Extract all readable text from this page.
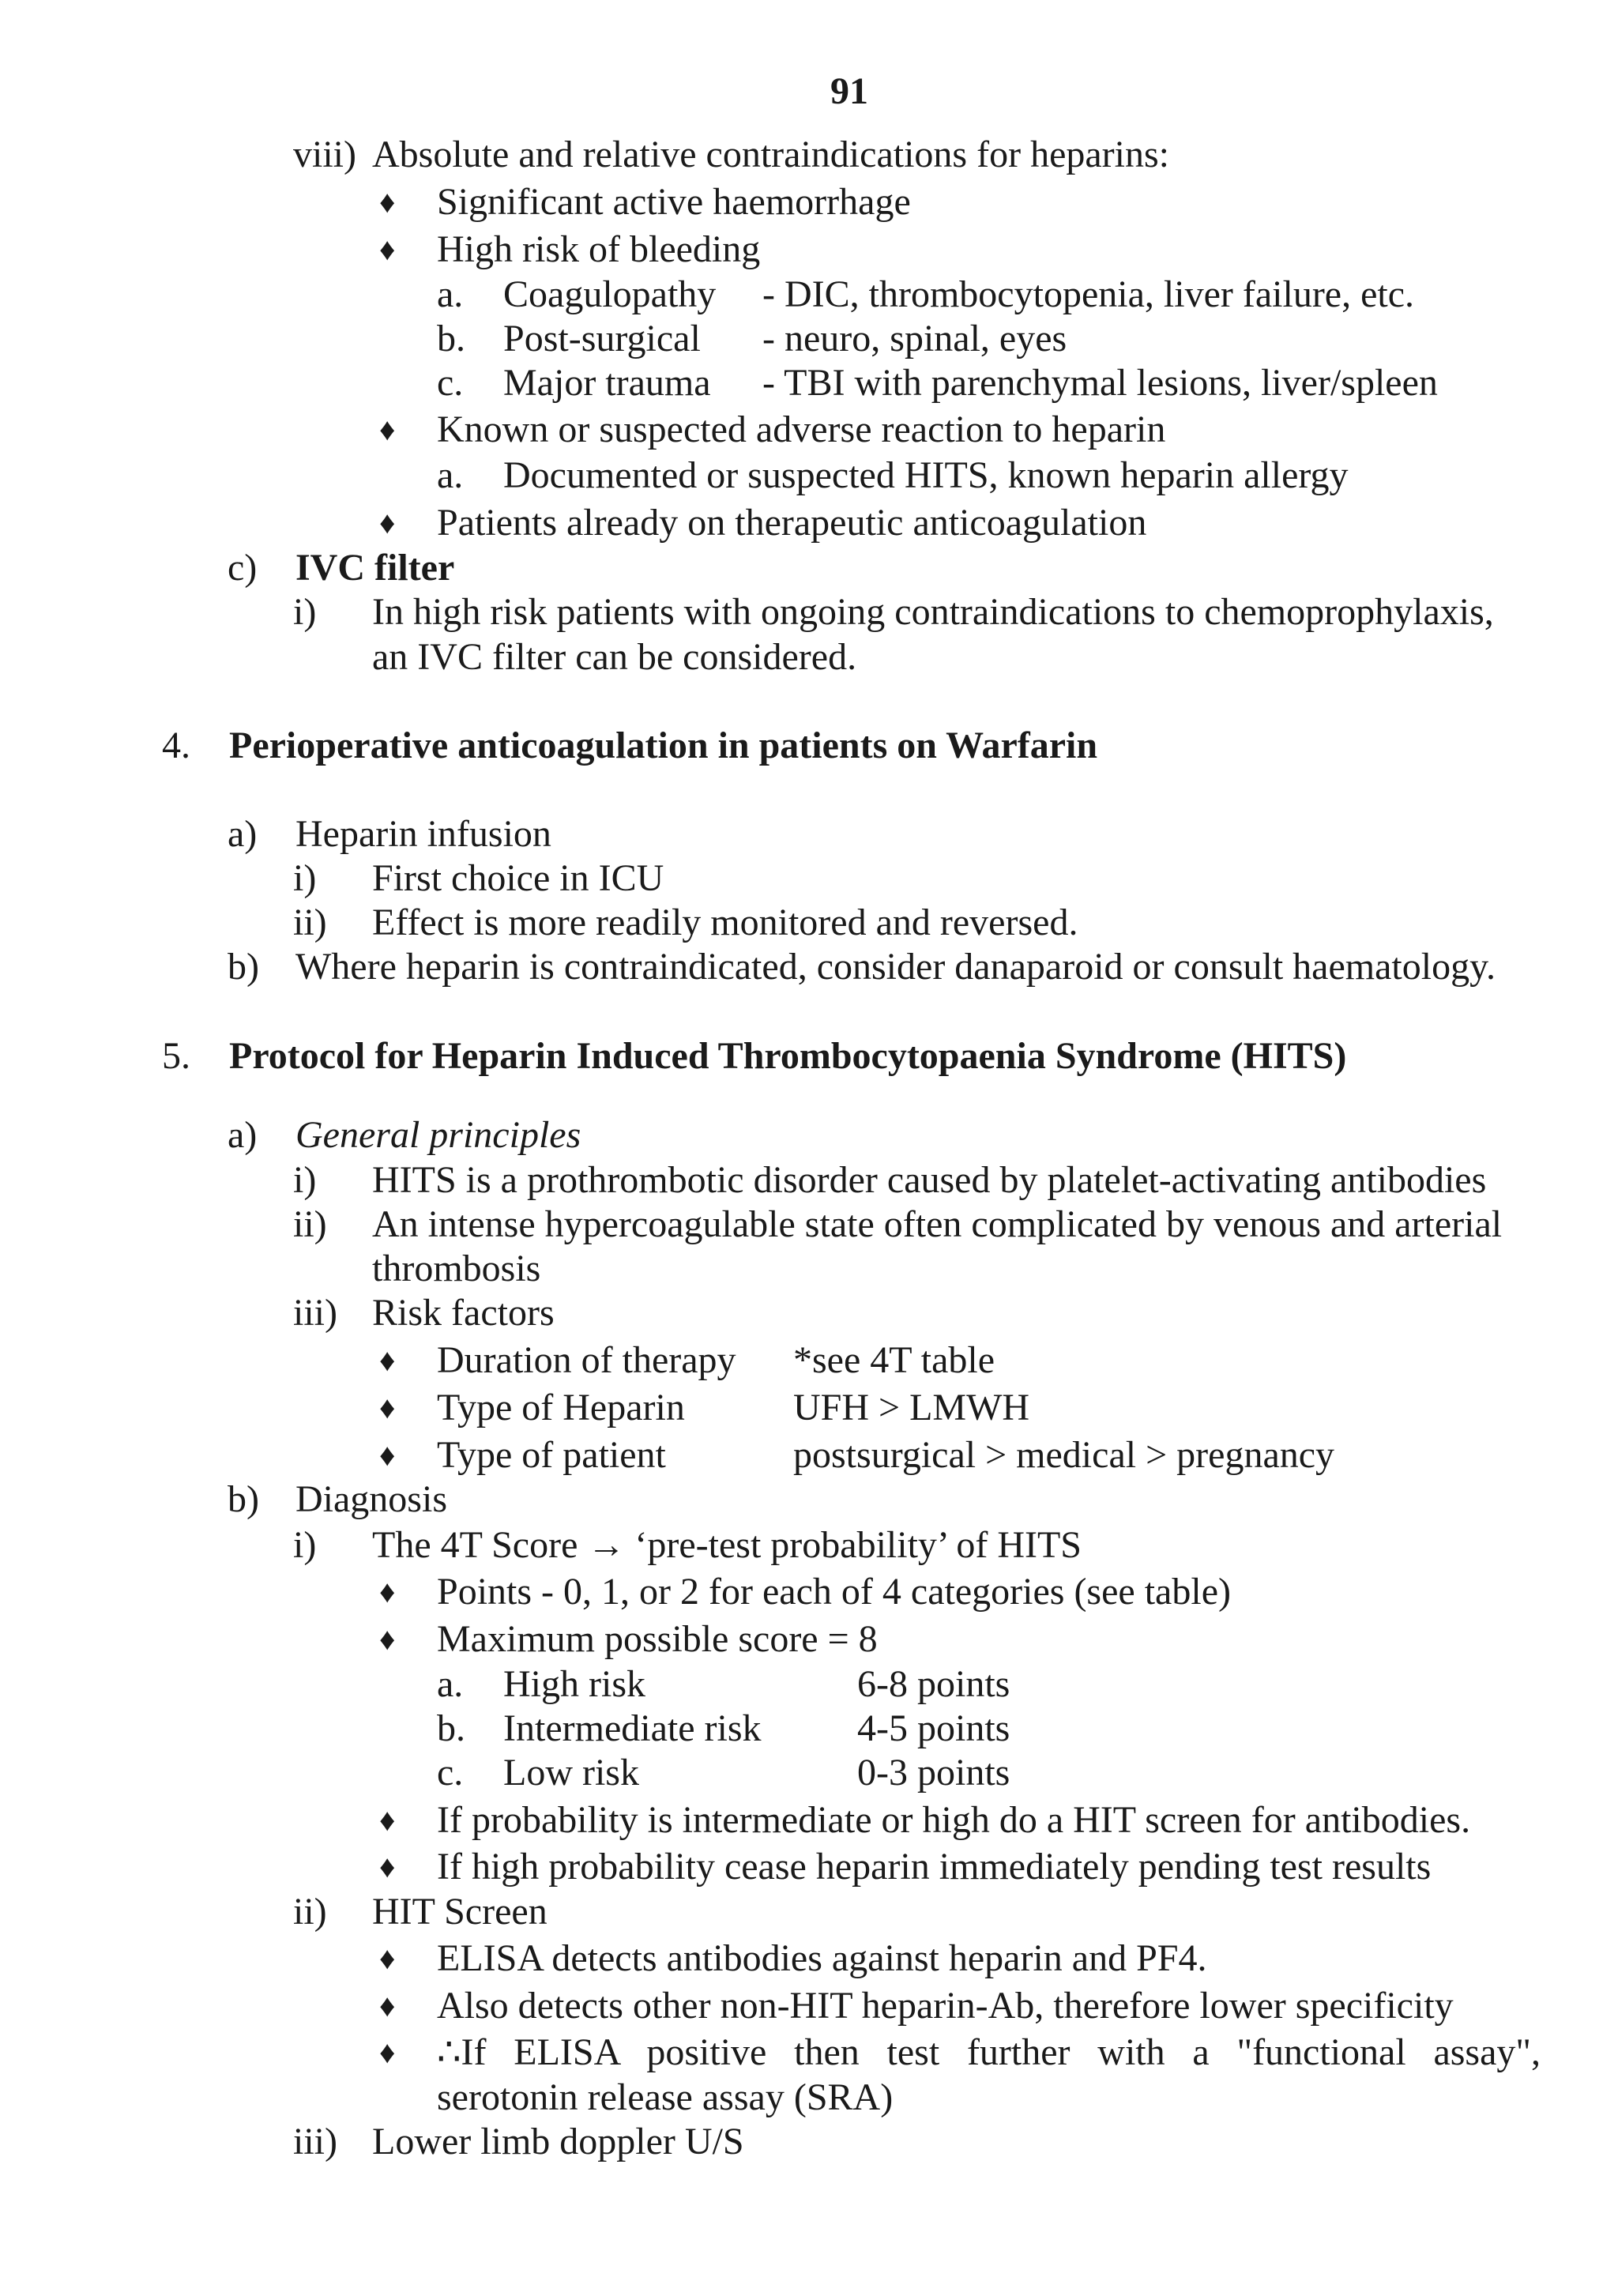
91
viii) Absolute and relative contraindications for heparins:
♦ Significant active haemorrhage
♦ High risk of bleeding
a. Coagulopathy - DIC, thrombocytopenia, liver failure, etc.
b. Post-surgical - neuro, spinal, eyes
c. Major trauma - TBI with parenchymal lesions, liver/spleen
♦ Known or suspected adverse reaction to heparin
a. Documented or suspected HITS, known heparin allergy
♦ Patients already on therapeutic anticoagulation
c) IVC filter
i) In high risk patients with ongoing contraindications to chemoprophylaxis,
an IVC filter can be considered.
4. Perioperative anticoagulation in patients on Warfarin
a) Heparin infusion
i) First choice in ICU
ii) Effect is more readily monitored and reversed.
b) Where heparin is contraindicated, consider danaparoid or consult haematology.
5. Protocol for Heparin Induced Thrombocytopaenia Syndrome (HITS)
a) General principles
i) HITS is a prothrombotic disorder caused by platelet-activating antibodies
ii) An intense hypercoagulable state often complicated by venous and arterial
thrombosis
iii) Risk factors
♦ Duration of therapy *see 4T table
♦ Type of Heparin	UFH > LMWH
♦ Type of patient	postsurgical > medical > pregnancy
b) Diagnosis
i) The 4T Score → ‘pre-test probability’ of HITS
♦ Points - 0, 1, or 2 for each of 4 categories (see table)
♦ Maximum possible score = 8
a. High risk	6-8 points
b. Intermediate risk	4-5 points
c. Low risk	0-3 points
♦ If probability is intermediate or high do a HIT screen for antibodies.
♦ If high probability cease heparin immediately pending test results
ii) HIT Screen
♦ ELISA detects antibodies against heparin and PF4.
♦ Also detects other non-HIT heparin-Ab, therefore lower specificity
♦ ∴If ELISA positive then test further with a "functional assay",
serotonin release assay (SRA)
iii) Lower limb doppler U/S
